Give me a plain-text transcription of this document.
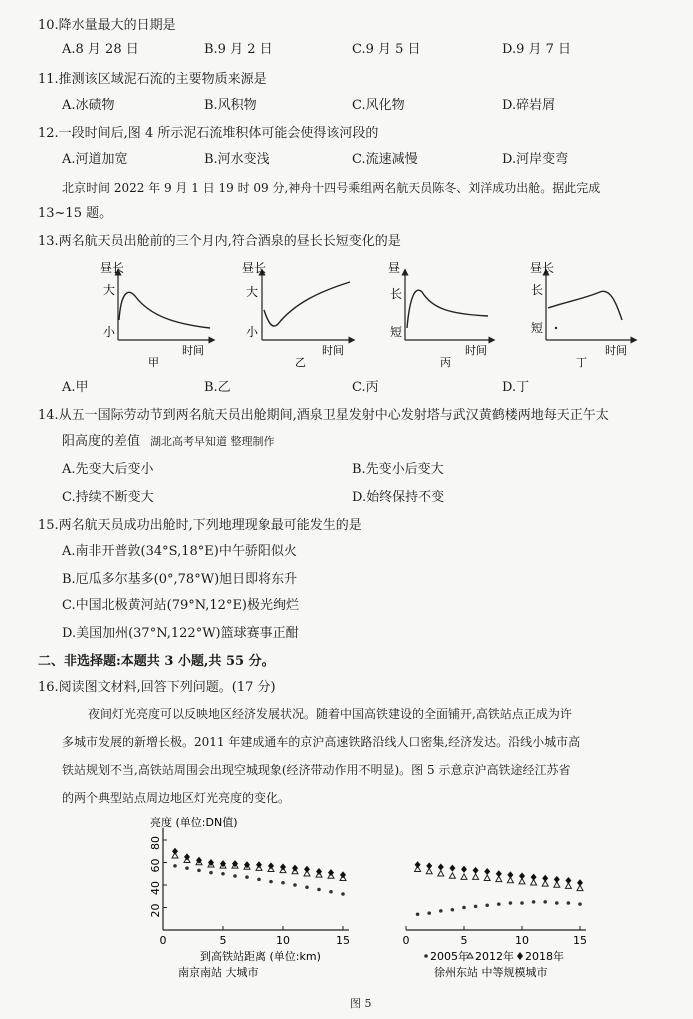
10.降水量最大的日期是
A.8 月 28 日	B.9 月 2 日	C.9 月 5 日	D.9 月 7 日
11.推测该区域泥石流的主要物质来源是
A.冰碛物	B.风积物	C.风化物	D.碎岩屑
12.一段时间后,图 4 所示泥石流堆积体可能会使得该河段的
A.河道加宽	B.河水变浅	C.流速减慢	D.河岸变弯
北京时间 2022 年 9 月 1 日 19 时 09 分,神舟十四号乘组两名航天员陈冬、刘洋成功出舱。据此完成
13~15 题。
13.两名航天员出舱前的三个月内,符合酒泉的昼长长短变化的是
昼长
大
小
时间
甲
昼长
大
小
时间
乙
昼
长
短
时间
丙
昼长
长
短
时间
丁
A.甲	B.乙	C.丙	D.丁
14.从五一国际劳动节到两名航天员出舱期间,酒泉卫星发射中心发射塔与武汉黄鹤楼两地每天正午太
阳高度的差值 湖北高考早知道 整理制作
A.先变大后变小	B.先变小后变大
C.持续不断变大	D.始终保持不变
15.两名航天员成功出舱时,下列地理现象最可能发生的是
A.南非开普敦(34°S,18°E)中午骄阳似火
B.厄瓜多尔基多(0°,78°W)旭日即将东升
C.中国北极黄河站(79°N,12°E)极光绚烂
D.美国加州(37°N,122°W)篮球赛事正酣
二、非选择题:本题共 3 小题,共 55 分。
16.阅读图文材料,回答下列问题。(17 分)
夜间灯光亮度可以反映地区经济发展状况。随着中国高铁建设的全面铺开,高铁站点正成为许
多城市发展的新增长极。2011 年建成通车的京沪高速铁路沿线人口密集,经济发达。沿线小城市高
铁站规划不当,高铁站周围会出现空城现象(经济带动作用不明显)。图 5 示意京沪高铁途经江苏省
的两个典型站点周边地区灯光亮度的变化。
0	5	10	15
20
40
60
80
0	5	10	15
亮度 (单位:DN值)
到高铁站距离 (单位:km)
南京南站 大城市	徐州东站 中等规模城市
2005年 2012年 2018年
图 5
